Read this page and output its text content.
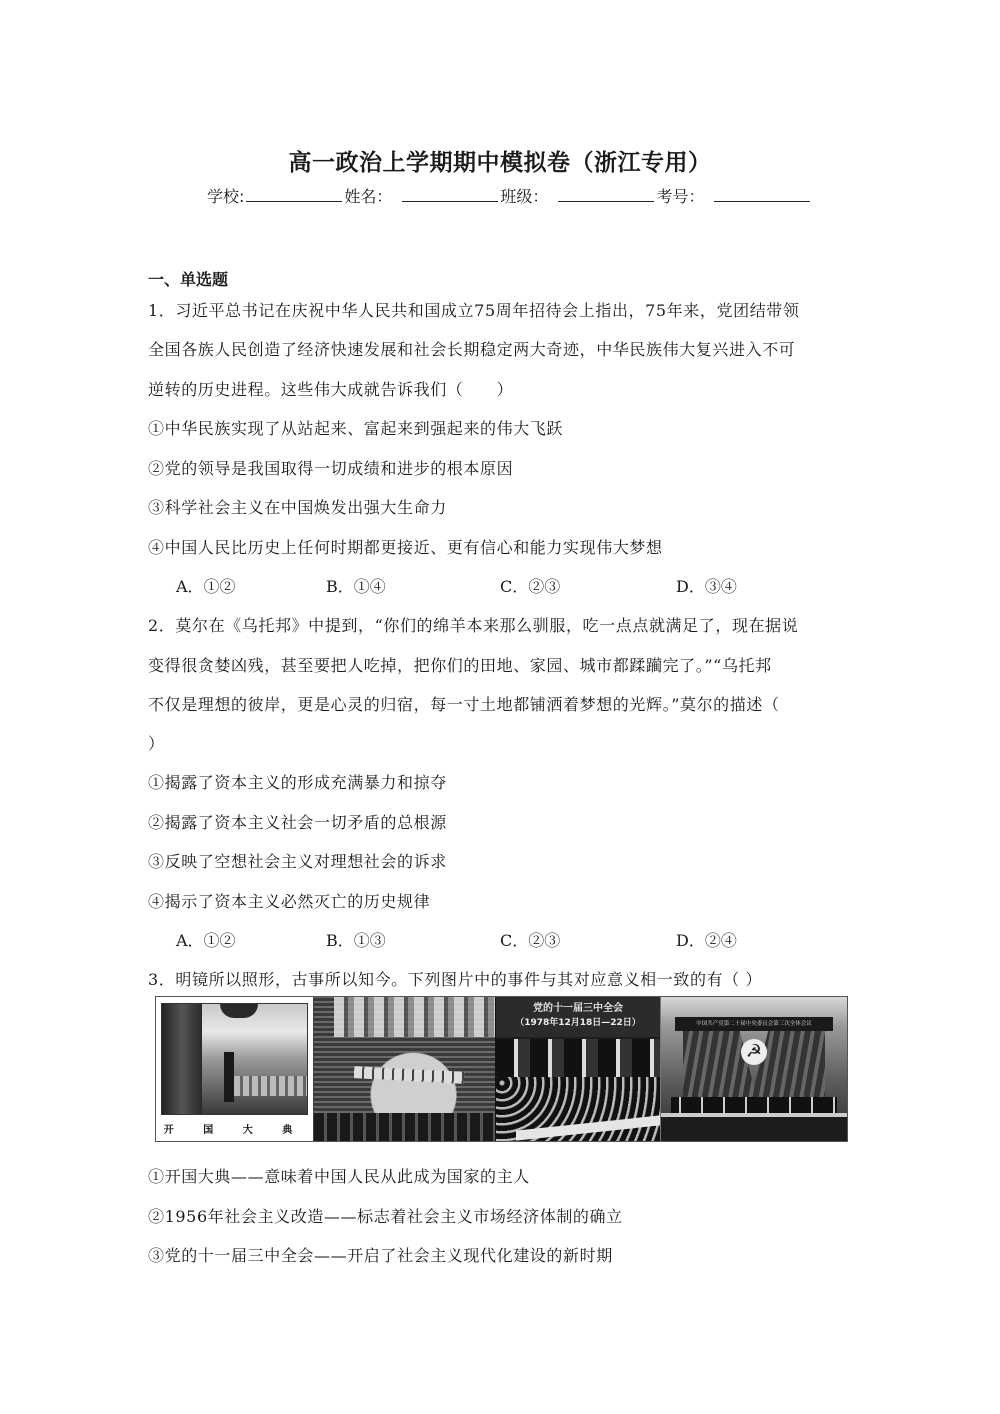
高一政治上学期期中模拟卷（浙江专用）
学校:	姓名：	班级：	考号：
一、单选题
1．习近平总书记在庆祝中华人民共和国成立75周年招待会上指出，75年来，党团结带领
全国各族人民创造了经济快速发展和社会长期稳定两大奇迹，中华民族伟大复兴进入不可
逆转的历史进程。这些伟大成就告诉我们（　　）
①中华民族实现了从站起来、富起来到强起来的伟大飞跃
②党的领导是我国取得一切成绩和进步的根本原因
③科学社会主义在中国焕发出强大生命力
④中国人民比历史上任何时期都更接近、更有信心和能力实现伟大梦想
A．①②	B．①④	C．②③	D．③④
2．莫尔在《乌托邦》中提到，“你们的绵羊本来那么驯服，吃一点点就满足了，现在据说
变得很贪婪凶残，甚至要把人吃掉，把你们的田地、家园、城市都蹂躏完了。”“乌托邦
不仅是理想的彼岸，更是心灵的归宿，每一寸土地都铺洒着梦想的光辉。”莫尔的描述（
）
①揭露了资本主义的形成充满暴力和掠夺
②揭露了资本主义社会一切矛盾的总根源
③反映了空想社会主义对理想社会的诉求
④揭示了资本主义必然灭亡的历史规律
A．①②	B．①③	C．②③	D．②④
3．明镜所以照形，古事所以知今。下列图片中的事件与其对应意义相一致的有（ ）
开 国 大 典
党的十一届三中全会
（1978年12月18日—22日）	中国共产党第二十届中央委员会第三次全体会议
☭
①开国大典——意味着中国人民从此成为国家的主人
②1956年社会主义改造——标志着社会主义市场经济体制的确立
③党的十一届三中全会——开启了社会主义现代化建设的新时期
